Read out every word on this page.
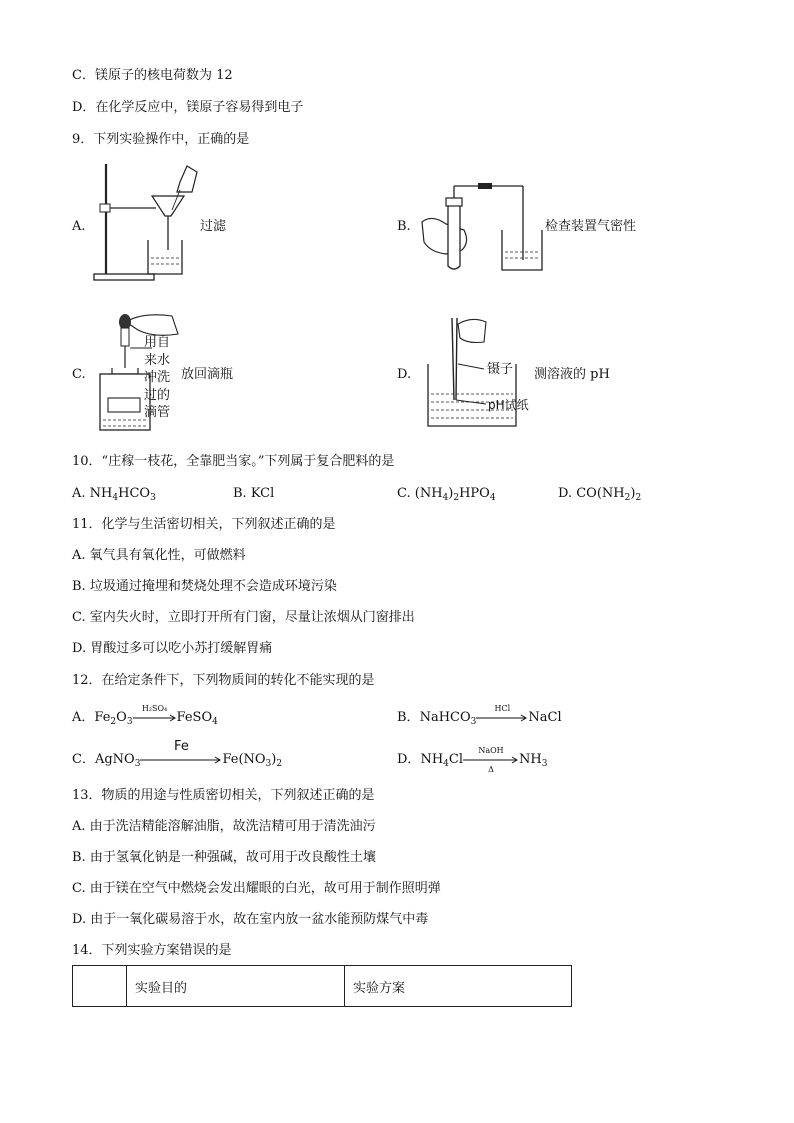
C．镁原子的核电荷数为 12
D．在化学反应中，镁原子容易得到电子
9．下列实验操作中，正确的是
A.	过滤	B.	检查装置气密性
C.
用自
来水
冲洗
过的
滴管
放回滴瓶	D.	镊子
pH试纸
测溶液的 pH
10．“庄稼一枝花，全靠肥当家。”下列属于复合肥料的是
A. $NH_4HCO_3$	B. KCl	C. $(NH_4)_2HPO_4$	D. $CO(NH_2)_2$
11．化学与生活密切相关，下列叙述正确的是
A. 氧气具有氧化性，可做燃料
B. 垃圾通过掩埋和焚烧处理不会造成环境污染
C. 室内失火时，立即打开所有门窗，尽量让浓烟从门窗排出
D. 胃酸过多可以吃小苏打缓解胃痛
12．在给定条件下，下列物质间的转化不能实现的是
A．$Fe_2O_3$
H₂SO₄
FeSO$_4$	B．NaHCO$_3$
HCl
NaCl
C．AgNO$_3$
Fe
$Fe(NO_3)_2$	D．$NH_4Cl$
NaOH
Δ
$NH_3$
13．物质的用途与性质密切相关，下列叙述正确的是
A. 由于洗洁精能溶解油脂，故洗洁精可用于清洗油污
B. 由于氢氧化钠是一种强碱，故可用于改良酸性土壤
C. 由于镁在空气中燃烧会发出耀眼的白光，故可用于制作照明弹
D. 由于一氧化碳易溶于水，故在室内放一盆水能预防煤气中毒
14．下列实验方案错误的是
	实验目的	实验方案
